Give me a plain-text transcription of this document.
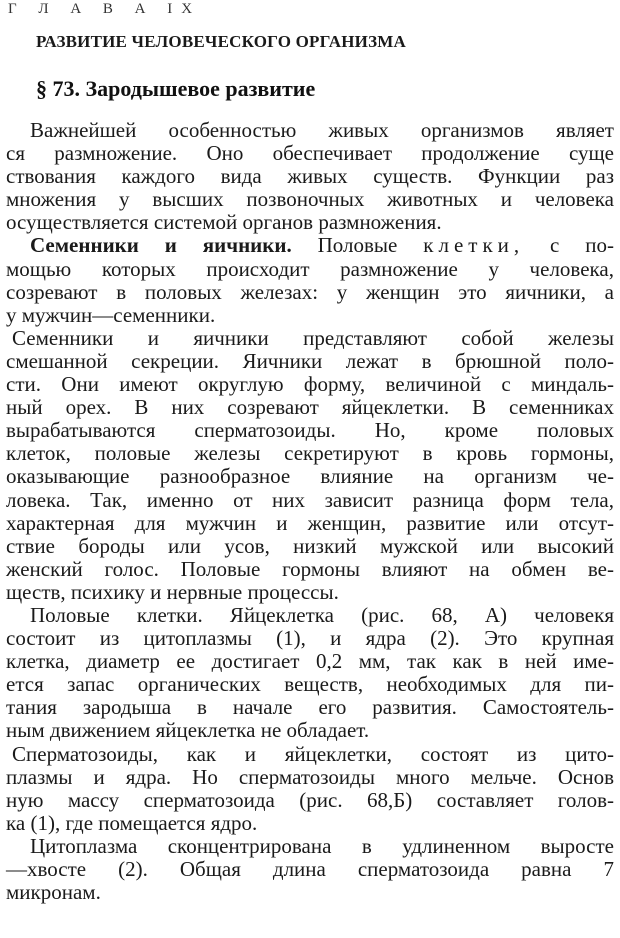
Г Л А В А IX
РАЗВИТИЕ ЧЕЛОВЕЧЕСКОГО ОРГАНИЗМА
§ 73. Зародышевое развитие
Важнейшей особенностью живых организмов являет
ся размножение. Оно обеспечивает продолжение суще
ствования каждого вида живых существ. Функции раз
множения у высших позвоночных животных и человека
осуществляется системой органов размножения.
Семенники и яичники. Половые клетки, с по-
мощью которых происходит размножение у человека,
созревают в половых железах: у женщин это яичники, а
у мужчин—семенники.
Семенники и яичники представляют собой железы
смешанной секреции. Яичники лежат в брюшной поло-
сти. Они имеют округлую форму, величиной с миндаль-
ный орех. В них созревают яйцеклетки. В семенниках
вырабатываются сперматозоиды. Но, кроме половых
клеток, половые железы секретируют в кровь гормоны,
оказывающие разнообразное влияние на организм че-
ловека. Так, именно от них зависит разница форм тела,
характерная для мужчин и женщин, развитие или отсут-
ствие бороды или усов, низкий мужской или высокий
женский голос. Половые гормоны влияют на обмен ве-
ществ, психику и нервные процессы.
Половые клетки. Яйцеклетка (рис. 68, А) человекя
состоит из цитоплазмы (1), и ядра (2). Это крупная
клетка, диаметр ее достигает 0,2 мм, так как в ней име-
ется запас органических веществ, необходимых для пи-
тания зародыша в начале его развития. Самостоятель-
ным движением яйцеклетка не обладает.
Сперматозоиды, как и яйцеклетки, состоят из цито-
плазмы и ядра. Но сперматозоиды много мельче. Основ
ную массу сперматозоида (рис. 68,Б) составляет голов-
ка (1), где помещается ядро.
Цитоплазма сконцентрирована в удлиненном выросте
—хвосте (2). Общая длина сперматозоида равна 7
микронам.
